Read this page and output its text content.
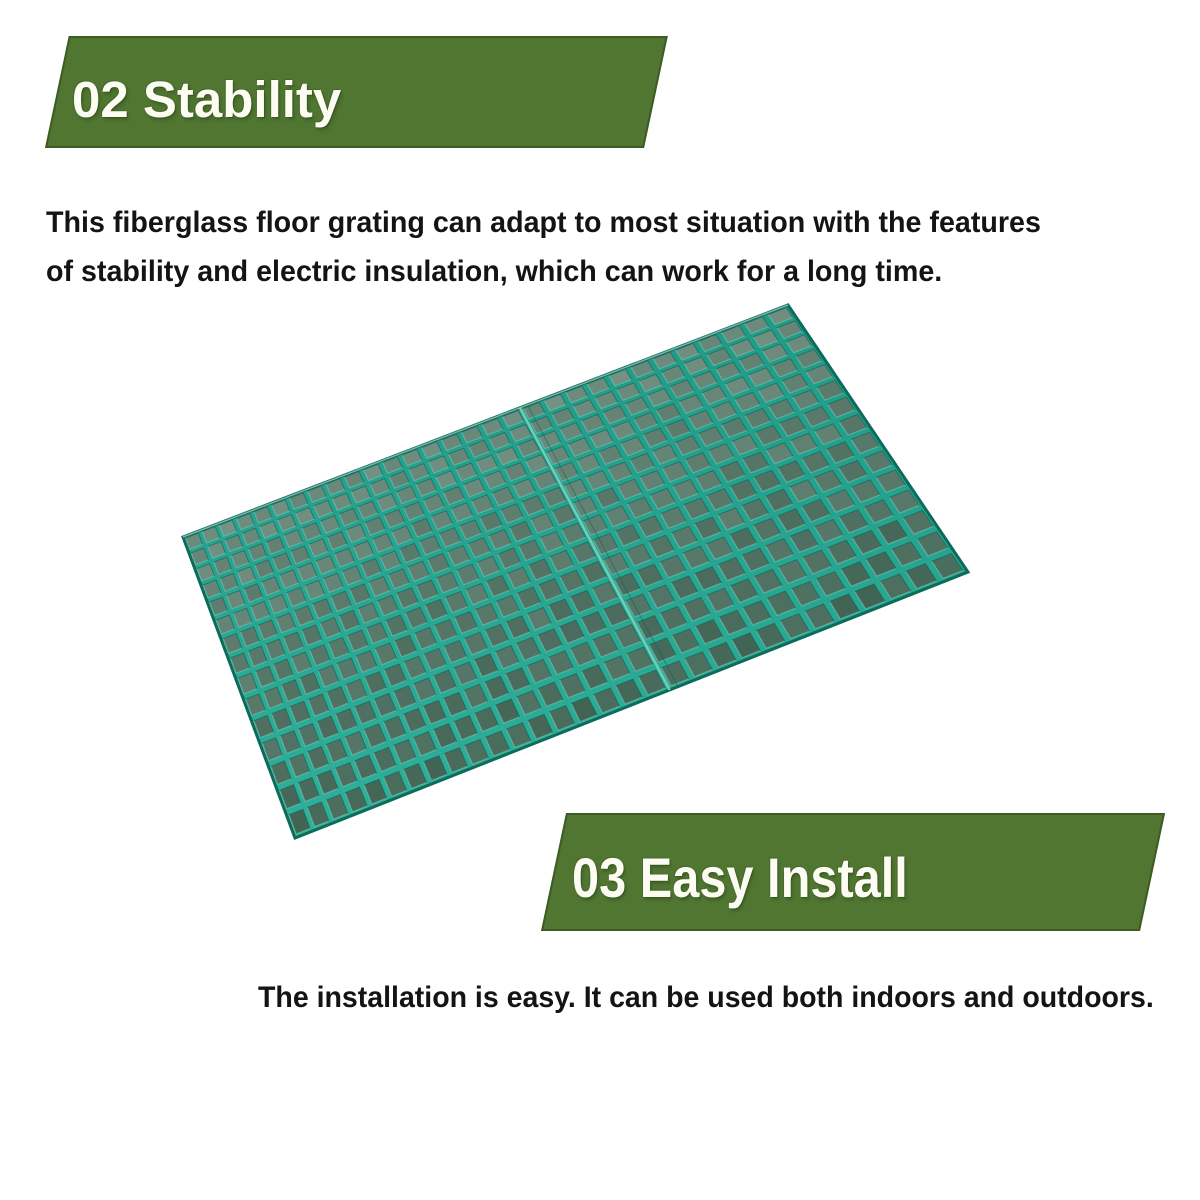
02 Stability
This fiberglass floor grating can adapt to most situation with the features
of stability and electric insulation, which can work for a long time.
03 Easy Install
The installation is easy. It can be used both indoors and outdoors.
